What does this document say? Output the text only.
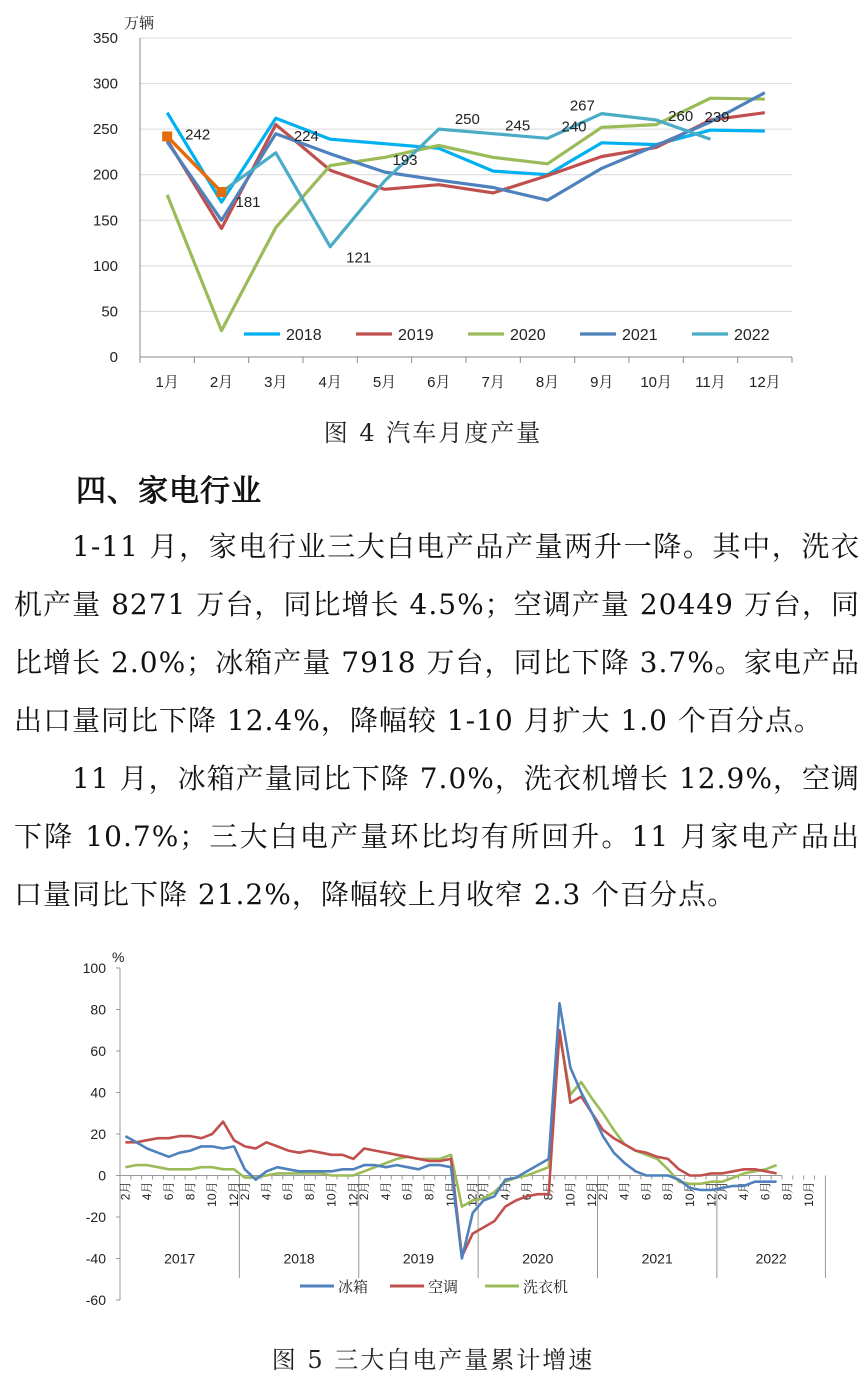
万辆
0
50
100
150
200
250
300
350
1月 2月 3月 4月 5月 6月 7月 8月 9月 10月 11月 12月
242
181
224
121
193
250 245 240
267
260 239
2018	2019	2020	2021	2022
图 4 汽车月度产量
四、家电行业

1-11 月，家电行业三大白电产品产量两升一降。其中，洗衣机产量 8271 万台，同比增长 4.5%；空调产量 20449 万台，同比增长 2.0%；冰箱产量 7918 万台，同比下降 3.7%。家电产品出口量同比下降 12.4%，降幅较 1-10 月扩大 1.0 个百分点。

11 月，冰箱产量同比下降 7.0%，洗衣机增长 12.9%，空调下降 10.7%；三大白电产量环比均有所回升。11 月家电产品出口量同比下降 21.2%，降幅较上月收窄 2.3 个百分点。

%
-60
-40
-20
0
20
40
60
80
100
2月 4月 6月 8月 10月 12月
2017
2月 4月 6月 8月 10月 12月
2018
2月 4月 6月 8月 10月 12月
2019
2月 4月 6月 8月 10月 12月
2020
2月 4月 6月 8月 10月 12月
2021
2月 4月 6月 8月 10月
2022
冰箱	空调	洗衣机
图 5 三大白电产量累计增速
